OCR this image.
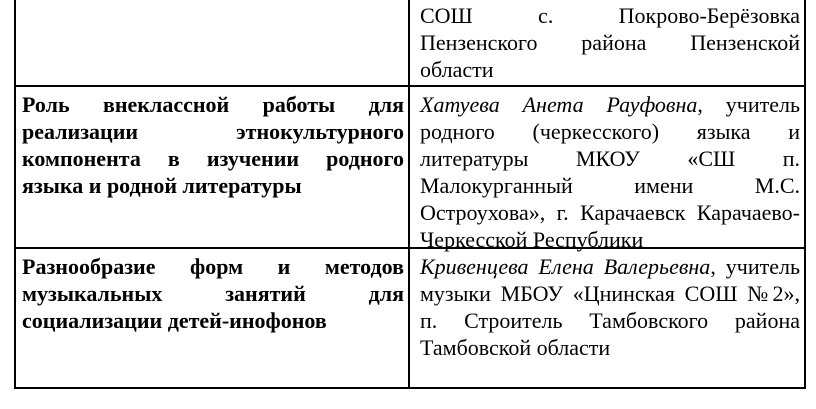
СОШ с. Покрово-Берёзовка Пензенского района Пензенской области
Роль внеклассной работы для реализации этнокультурного компонента в изучении родного языка и родной литературы
Хатуева Анета Рауфовна, учитель родного (черкесского) языка и литературы МКОУ «СШ п. Малокурганный имени М.С. Остроухова», г. Карачаевск Карачаево-Черкесской Республики
Разнообразие форм и методов музыкальных занятий для социализации детей-инофонов
Кривенцева Елена Валерьевна, учитель музыки МБОУ «Цнинская СОШ №2», п. Строитель Тамбовского района Тамбовской области
